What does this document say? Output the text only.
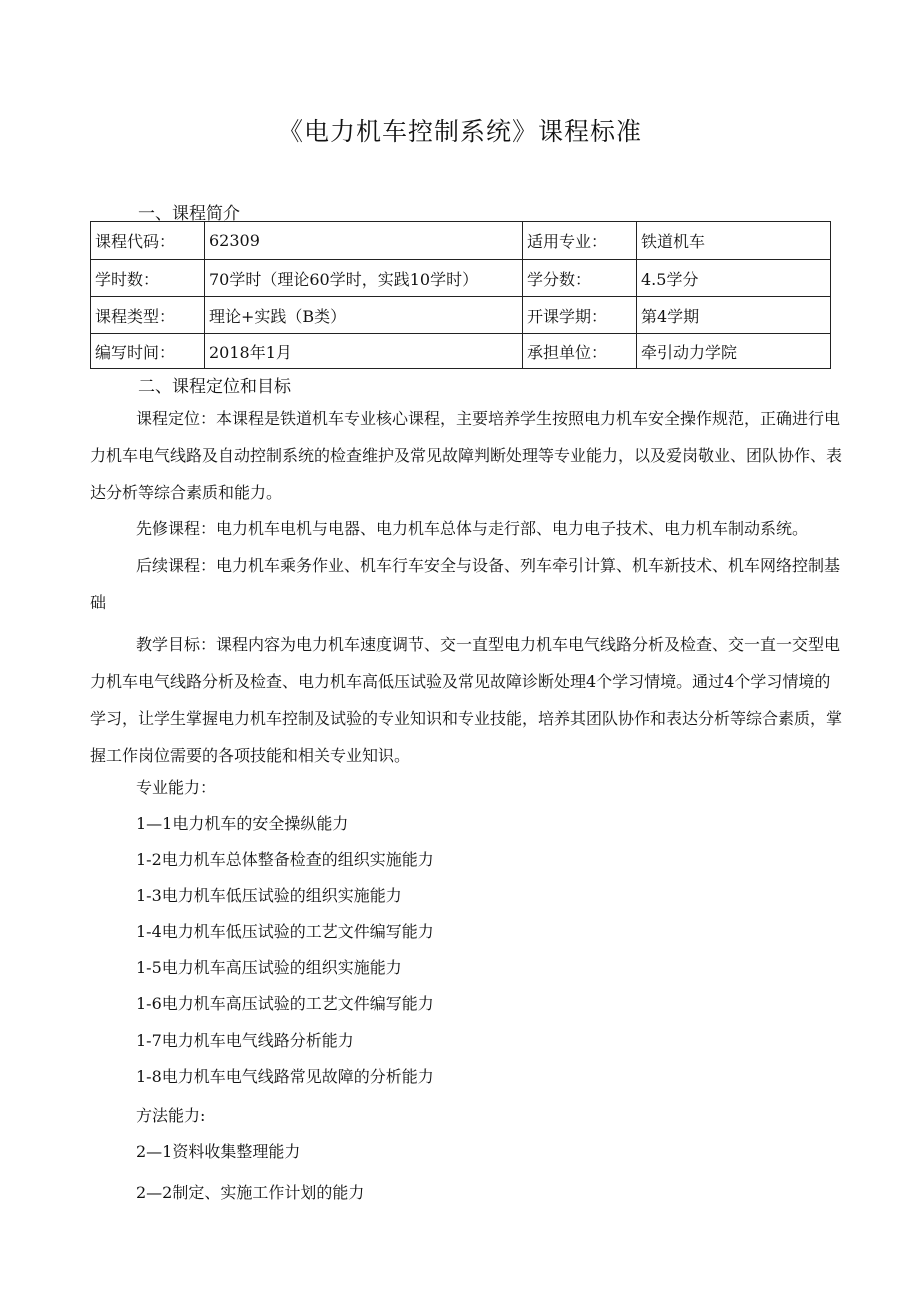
《电力机车控制系统》课程标准
一、课程简介
课程代码：	62309	适用专业：	铁道机车
学时数：	70学时（理论60学时，实践10学时）	学分数：	4.5学分
课程类型：	理论+实践（B类）	开课学期：	第4学期
编写时间：	2018年1月	承担单位：	牵引动力学院
二、课程定位和目标

课程定位：本课程是铁道机车专业核心课程，主要培养学生按照电力机车安全操作规范，正确进行电力机车电气线路及自动控制系统的检查维护及常见故障判断处理等专业能力，以及爱岗敬业、团队协作、表达分析等综合素质和能力。

先修课程：电力机车电机与电器、电力机车总体与走行部、电力电子技术、电力机车制动系统。

后续课程：电力机车乘务作业、机车行车安全与设备、列车牵引计算、机车新技术、机车网络控制基础

教学目标：课程内容为电力机车速度调节、交一直型电力机车电气线路分析及检查、交一直一交型电力机车电气线路分析及检查、电力机车高低压试验及常见故障诊断处理4个学习情境。通过4个学习情境的学习，让学生掌握电力机车控制及试验的专业知识和专业技能，培养其团队协作和表达分析等综合素质，掌握工作岗位需要的各项技能和相关专业知识。

专业能力：

1—1电力机车的安全操纵能力

1-2电力机车总体整备检查的组织实施能力

1-3电力机车低压试验的组织实施能力

1-4电力机车低压试验的工艺文件编写能力

1-5电力机车高压试验的组织实施能力

1-6电力机车高压试验的工艺文件编写能力

1-7电力机车电气线路分析能力

1-8电力机车电气线路常见故障的分析能力

方法能力:

2—1资料收集整理能力

2—2制定、实施工作计划的能力
